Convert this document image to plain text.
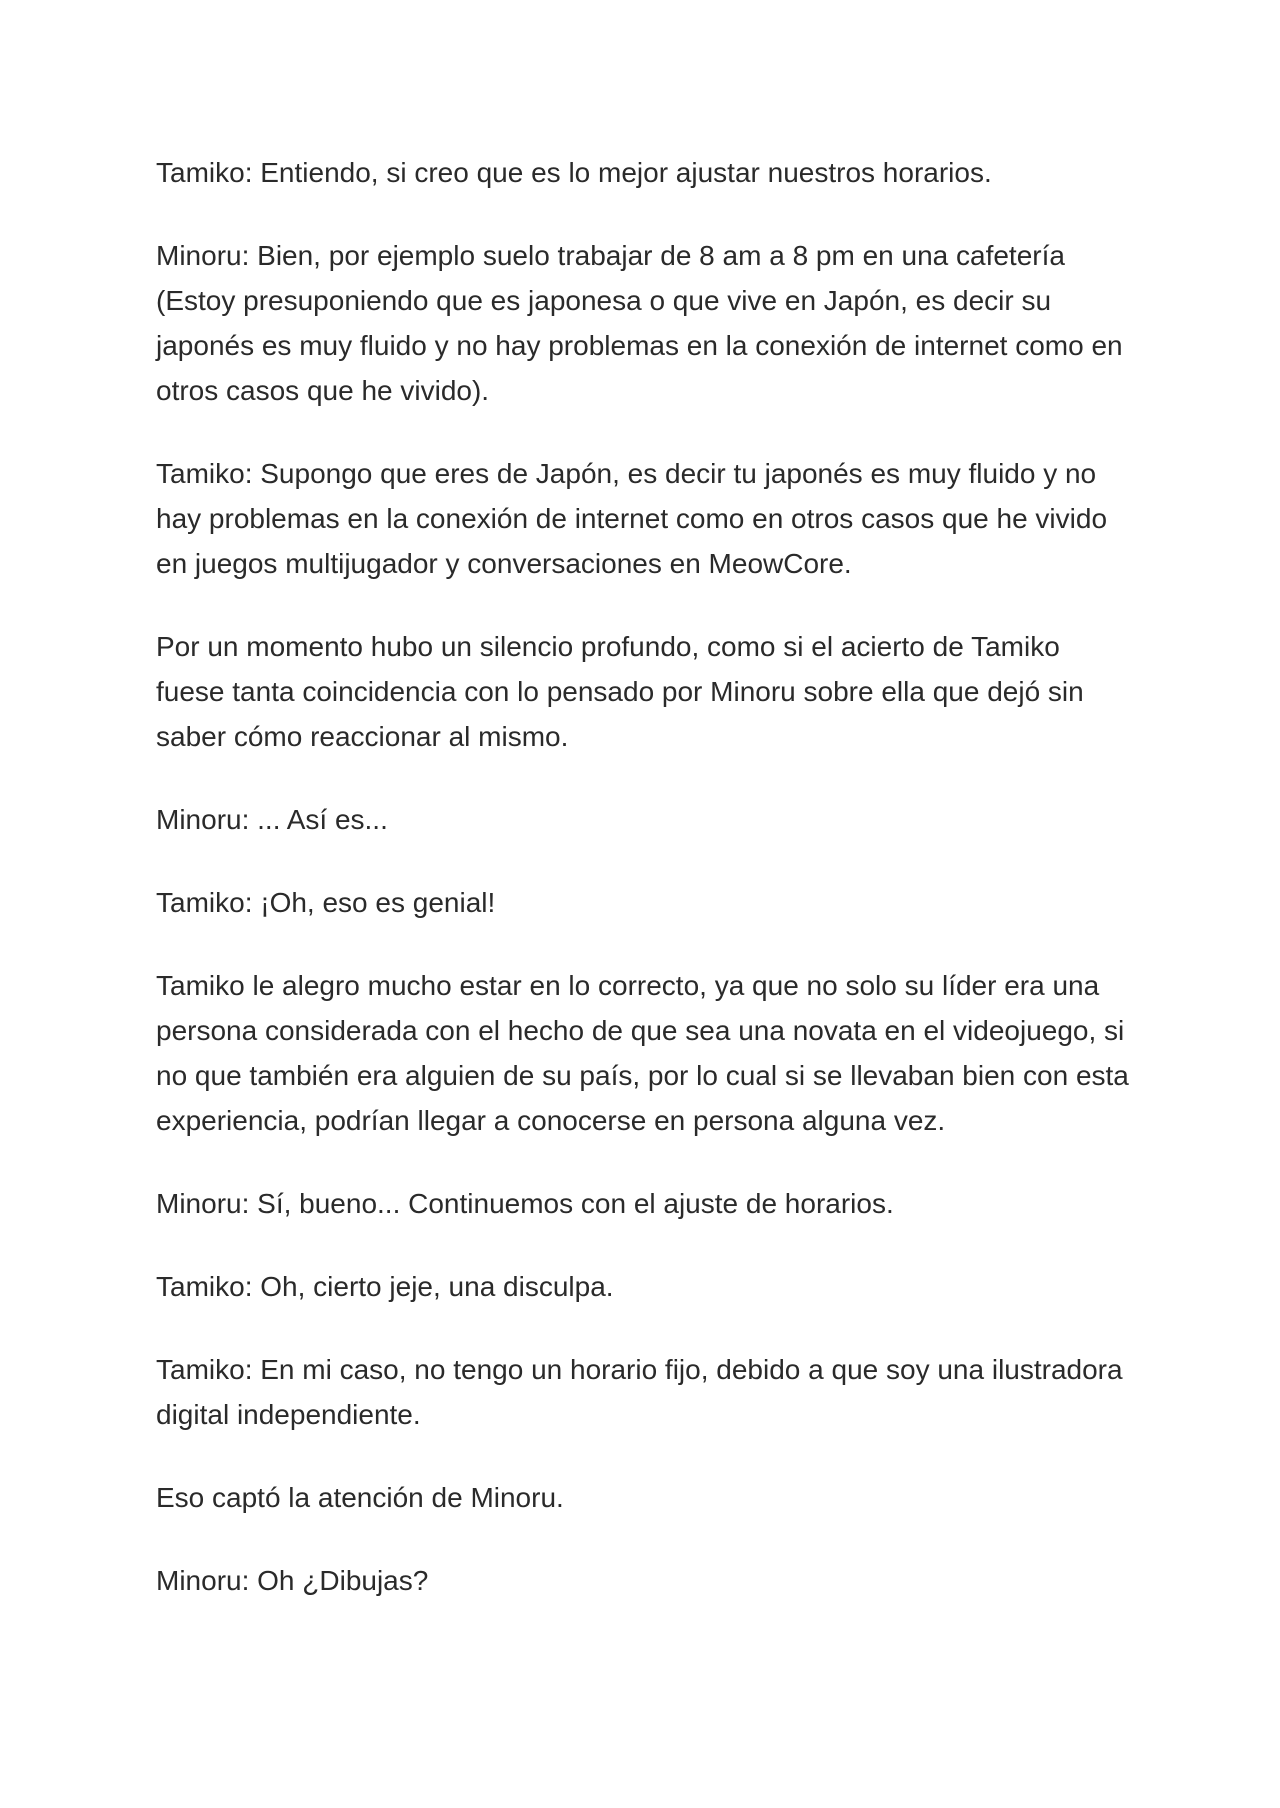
Tamiko: Entiendo, si creo que es lo mejor ajustar nuestros horarios.

Minoru: Bien, por ejemplo suelo trabajar de 8 am a 8 pm en una cafetería (Estoy presuponiendo que es japonesa o que vive en Japón, es decir su japonés es muy fluido y no hay problemas en la conexión de internet como en otros casos que he vivido).

Tamiko: Supongo que eres de Japón, es decir tu japonés es muy fluido y no hay problemas en la conexión de internet como en otros casos que he vivido en juegos multijugador y conversaciones en MeowCore.

Por un momento hubo un silencio profundo, como si el acierto de Tamiko fuese tanta coincidencia con lo pensado por Minoru sobre ella que dejó sin saber cómo reaccionar al mismo.

Minoru: ... Así es...

Tamiko: ¡Oh, eso es genial!

Tamiko le alegro mucho estar en lo correcto, ya que no solo su líder era una persona considerada con el hecho de que sea una novata en el videojuego, si no que también era alguien de su país, por lo cual si se llevaban bien con esta experiencia, podrían llegar a conocerse en persona alguna vez.

Minoru: Sí, bueno... Continuemos con el ajuste de horarios.

Tamiko: Oh, cierto jeje, una disculpa.

Tamiko: En mi caso, no tengo un horario fijo, debido a que soy una ilustradora digital independiente.

Eso captó la atención de Minoru.

Minoru: Oh ¿Dibujas?
